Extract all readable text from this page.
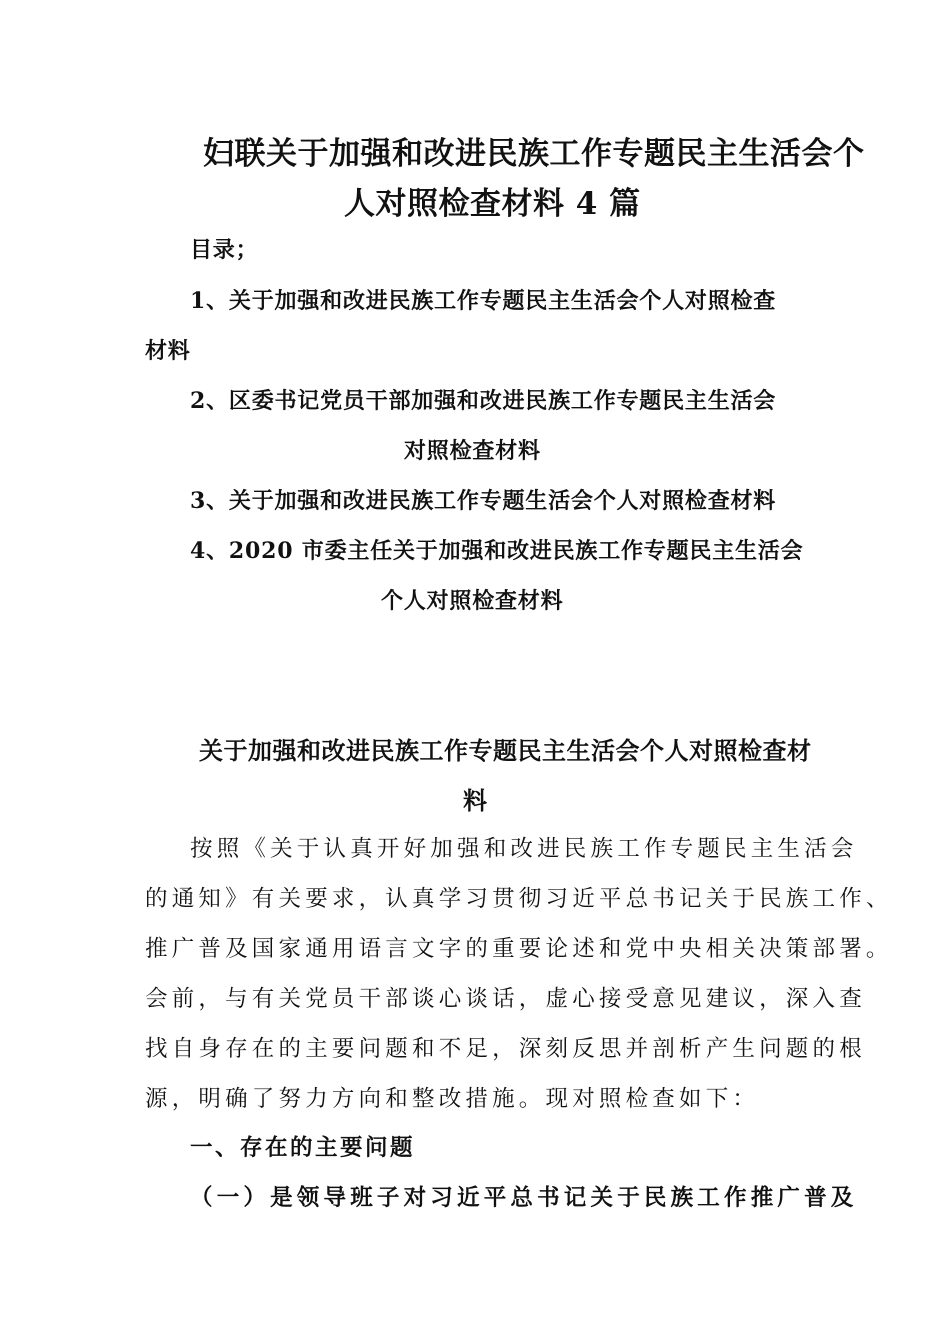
妇联关于加强和改进民族工作专题民主生活会个
人对照检查材料 4 篇
目录；
1、关于加强和改进民族工作专题民主生活会个人对照检查
材料
2、区委书记党员干部加强和改进民族工作专题民主生活会
对照检查材料
3、关于加强和改进民族工作专题生活会个人对照检查材料
4、2020 市委主任关于加强和改进民族工作专题民主生活会
个人对照检查材料
关于加强和改进民族工作专题民主生活会个人对照检查材
料
按照《关于认真开好加强和改进民族工作专题民主生活会
的通知》有关要求，认真学习贯彻习近平总书记关于民族工作、
推广普及国家通用语言文字的重要论述和党中央相关决策部署。
会前，与有关党员干部谈心谈话，虚心接受意见建议，深入查
找自身存在的主要问题和不足，深刻反思并剖析产生问题的根
源，明确了努力方向和整改措施。现对照检查如下：
一、存在的主要问题
（一）是领导班子对习近平总书记关于民族工作推广普及
